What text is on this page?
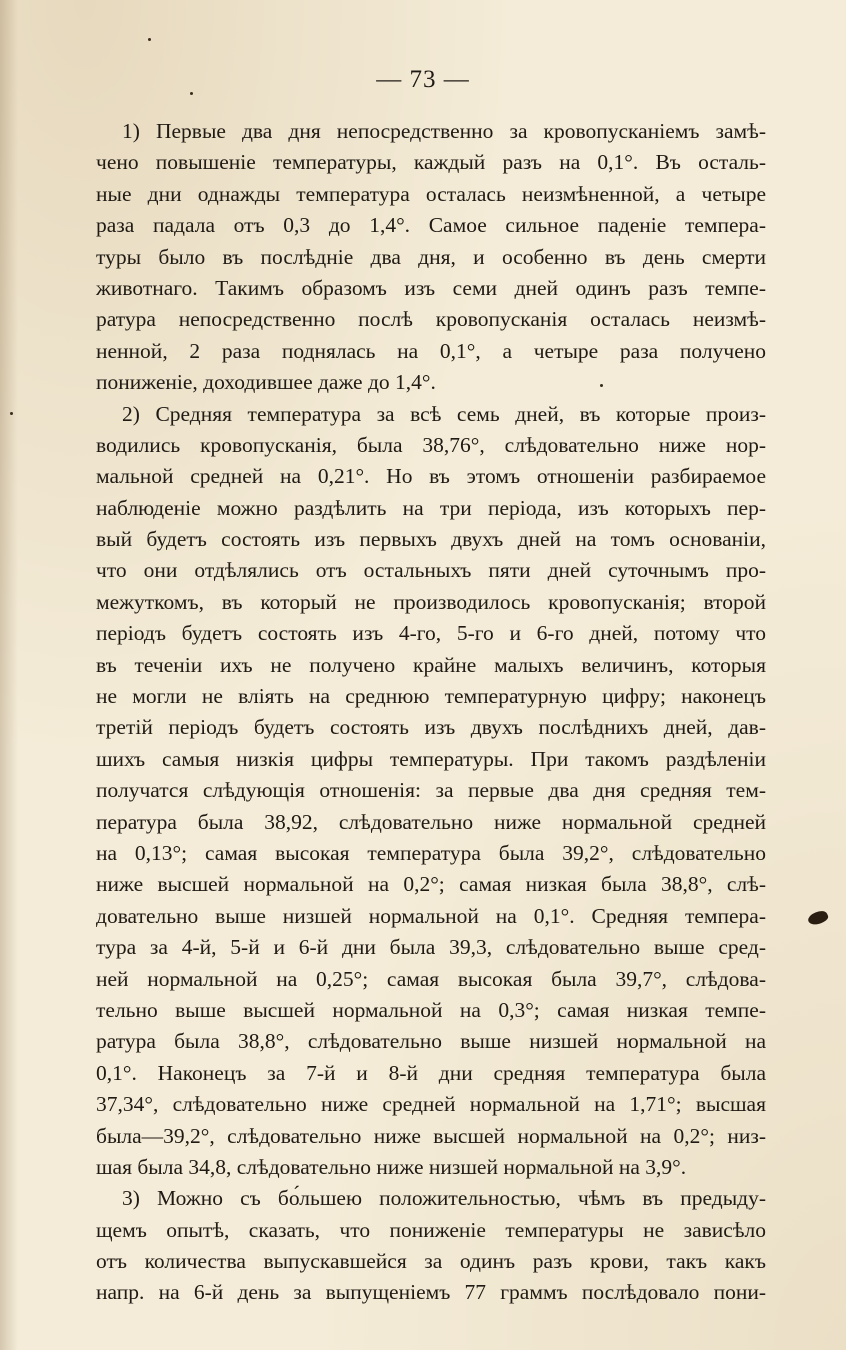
— 73 —
1) Первые два дня непосредственно за кровопусканіемъ замѣ-
чено повышеніе температуры, каждый разъ на 0,1°. Въ осталь-
ные дни однажды температура осталась неизмѣненной, а четыре
раза падала отъ 0,3 до 1,4°. Самое сильное паденіе темпера-
туры было въ послѣдніе два дня, и особенно въ день смерти
животнаго. Такимъ образомъ изъ семи дней одинъ разъ темпе-
ратура непосредственно послѣ кровопусканія осталась неизмѣ-
ненной, 2 раза поднялась на 0,1°, а четыре раза получено
пониженіе, доходившее даже до 1,4°.
2) Средняя температура за всѣ семь дней, въ которые произ-
водились кровопусканія, была 38,76°, слѣдовательно ниже нор-
мальной средней на 0,21°. Но въ этомъ отношеніи разбираемое
наблюденіе можно раздѣлить на три періода, изъ которыхъ пер-
вый будетъ состоять изъ первыхъ двухъ дней на томъ основаніи,
что они отдѣлялись отъ остальныхъ пяти дней суточнымъ про-
межуткомъ, въ который не производилось кровопусканія; второй
періодъ будетъ состоять изъ 4-го, 5-го и 6-го дней, потому что
въ теченіи ихъ не получено крайне малыхъ величинъ, которыя
не могли не вліять на среднюю температурную цифру; наконецъ
третій періодъ будетъ состоять изъ двухъ послѣднихъ дней, дав-
шихъ самыя низкія цифры температуры. При такомъ раздѣленіи
получатся слѣдующія отношенія: за первые два дня средняя тем-
пература была 38,92, слѣдовательно ниже нормальной средней
на 0,13°; самая высокая температура была 39,2°, слѣдовательно
ниже высшей нормальной на 0,2°; самая низкая была 38,8°, слѣ-
довательно выше низшей нормальной на 0,1°. Средняя темпера-
тура за 4-й, 5-й и 6-й дни была 39,3, слѣдовательно выше сред-
ней нормальной на 0,25°; самая высокая была 39,7°, слѣдова-
тельно выше высшей нормальной на 0,3°; самая низкая темпе-
ратура была 38,8°, слѣдовательно выше низшей нормальной на
0,1°. Наконецъ за 7-й и 8-й дни средняя температура была
37,34°, слѣдовательно ниже средней нормальной на 1,71°; высшая
была—39,2°, слѣдовательно ниже высшей нормальной на 0,2°; низ-
шая была 34,8, слѣдовательно ниже низшей нормальной на 3,9°.
3) Можно съ бо́льшею положительностью, чѣмъ въ предыду-
щемъ опытѣ, сказать, что пониженіе температуры не зависѣло
отъ количества выпускавшейся за одинъ разъ крови, такъ какъ
напр. на 6-й день за выпущеніемъ 77 граммъ послѣдовало пони-
